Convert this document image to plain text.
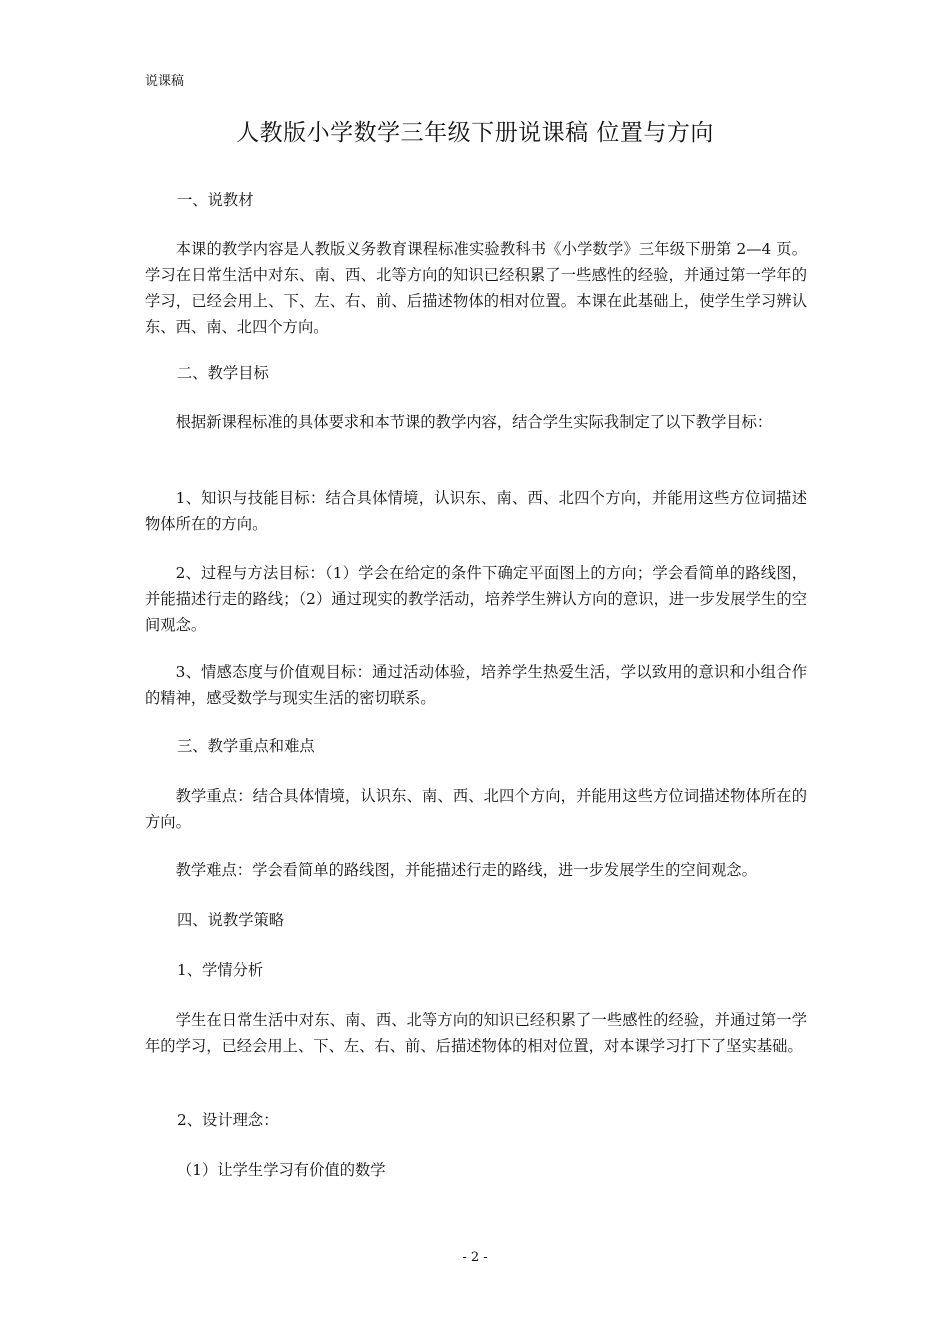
说课稿
人教版小学数学三年级下册说课稿 位置与方向

一、说教材

本课的教学内容是人教版义务教育课程标准实验教科书《小学数学》三年级下册第 2—4 页。学习在日常生活中对东、南、西、北等方向的知识已经积累了一些感性的经验，并通过第一学年的学习，已经会用上、下、左、右、前、后描述物体的相对位置。本课在此基础上，使学生学习辨认东、西、南、北四个方向。

二、教学目标

根据新课程标准的具体要求和本节课的教学内容，结合学生实际我制定了以下教学目标：

1、知识与技能目标：结合具体情境，认识东、南、西、北四个方向，并能用这些方位词描述物体所在的方向。

2、过程与方法目标：（1）学会在给定的条件下确定平面图上的方向；学会看简单的路线图，并能描述行走的路线；（2）通过现实的教学活动，培养学生辨认方向的意识，进一步发展学生的空间观念。

3、情感态度与价值观目标：通过活动体验，培养学生热爱生活，学以致用的意识和小组合作的精神，感受数学与现实生活的密切联系。

三、教学重点和难点

教学重点：结合具体情境，认识东、南、西、北四个方向，并能用这些方位词描述物体所在的方向。

教学难点：学会看简单的路线图，并能描述行走的路线，进一步发展学生的空间观念。

四、说教学策略

1、学情分析

学生在日常生活中对东、南、西、北等方向的知识已经积累了一些感性的经验，并通过第一学年的学习，已经会用上、下、左、右、前、后描述物体的相对位置，对本课学习打下了坚实基础。

2、设计理念：

（1）让学生学习有价值的数学

- 2 -
